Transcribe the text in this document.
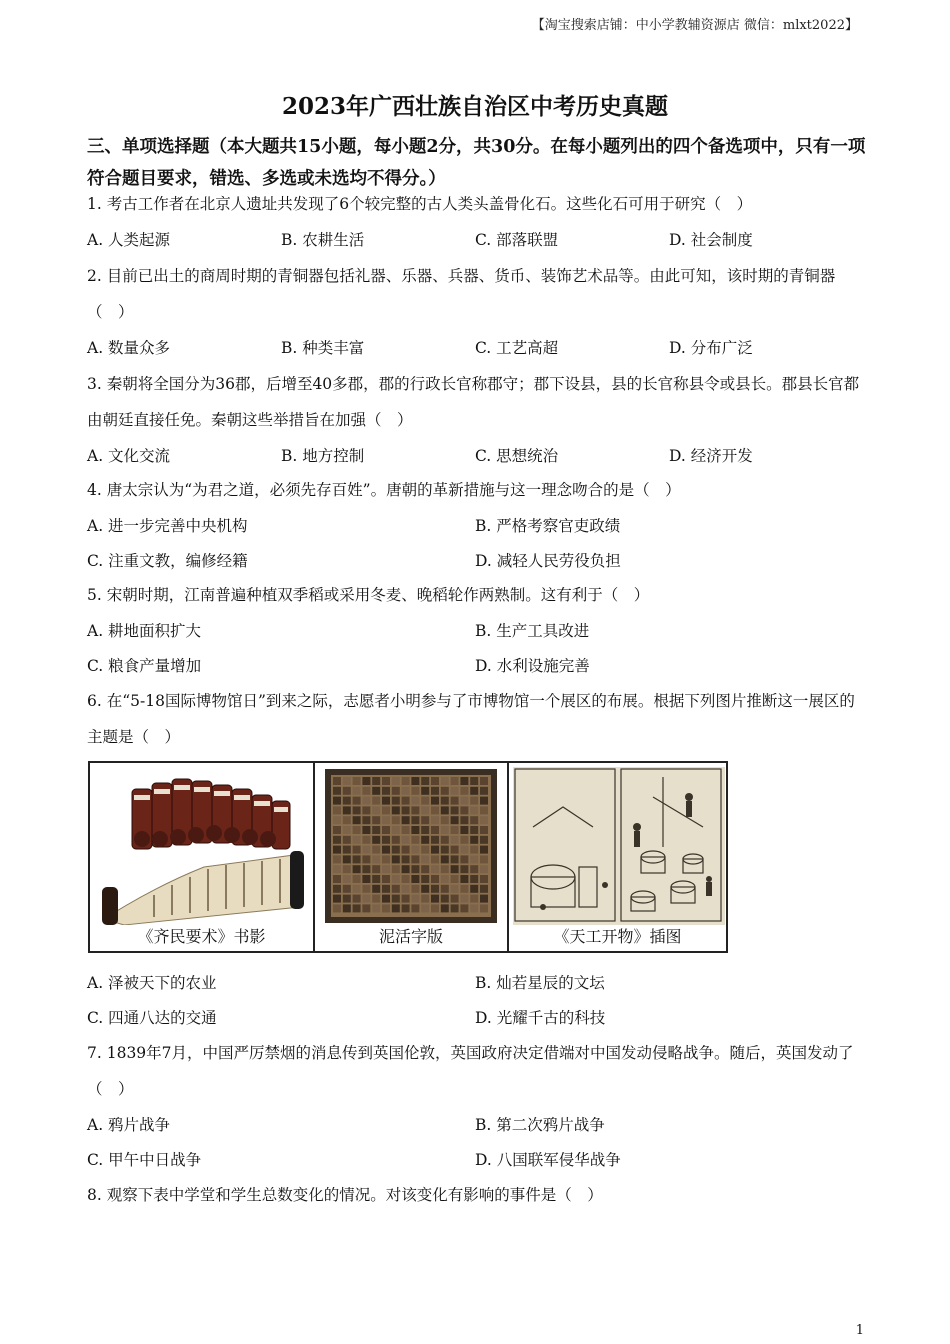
【淘宝搜索店铺：中小学教辅资源店 微信：mlxt2022】
2023年广西壮族自治区中考历史真题
三、单项选择题（本大题共15小题，每小题2分，共30分。在每小题列出的四个备选项中，只有一项符合题目要求，错选、多选或未选均不得分。）
1. 考古工作者在北京人遗址共发现了6个较完整的古人类头盖骨化石。这些化石可用于研究（　）
A. 人类起源	B. 农耕生活	C. 部落联盟	D. 社会制度
2. 目前已出土的商周时期的青铜器包括礼器、乐器、兵器、货币、装饰艺术品等。由此可知，该时期的青铜器（　）
A. 数量众多	B. 种类丰富	C. 工艺高超	D. 分布广泛
3. 秦朝将全国分为36郡，后增至40多郡，郡的行政长官称郡守；郡下设县，县的长官称县令或县长。郡县长官都由朝廷直接任免。秦朝这些举措旨在加强（　）
A. 文化交流	B. 地方控制	C. 思想统治	D. 经济开发
4. 唐太宗认为“为君之道，必须先存百姓”。唐朝的革新措施与这一理念吻合的是（　）
A. 进一步完善中央机构	B. 严格考察官吏政绩
C. 注重文教，编修经籍	D. 减轻人民劳役负担
5. 宋朝时期，江南普遍种植双季稻或采用冬麦、晚稻轮作两熟制。这有利于（　）
A. 耕地面积扩大	B. 生产工具改进
C. 粮食产量增加	D. 水利设施完善
6. 在“5-18国际博物馆日”到来之际，志愿者小明参与了市博物馆一个展区的布展。根据下列图片推断这一展区的主题是（　）
《齐民要术》书影	泥活字版	《天工开物》插图
A. 泽被天下的农业	B. 灿若星辰的文坛
C. 四通八达的交通	D. 光耀千古的科技
7. 1839年7月，中国严厉禁烟的消息传到英国伦敦，英国政府决定借端对中国发动侵略战争。随后，英国发动了（　）
A. 鸦片战争	B. 第二次鸦片战争
C. 甲午中日战争	D. 八国联军侵华战争
8. 观察下表中学堂和学生总数变化的情况。对该变化有影响的事件是（　）
1
